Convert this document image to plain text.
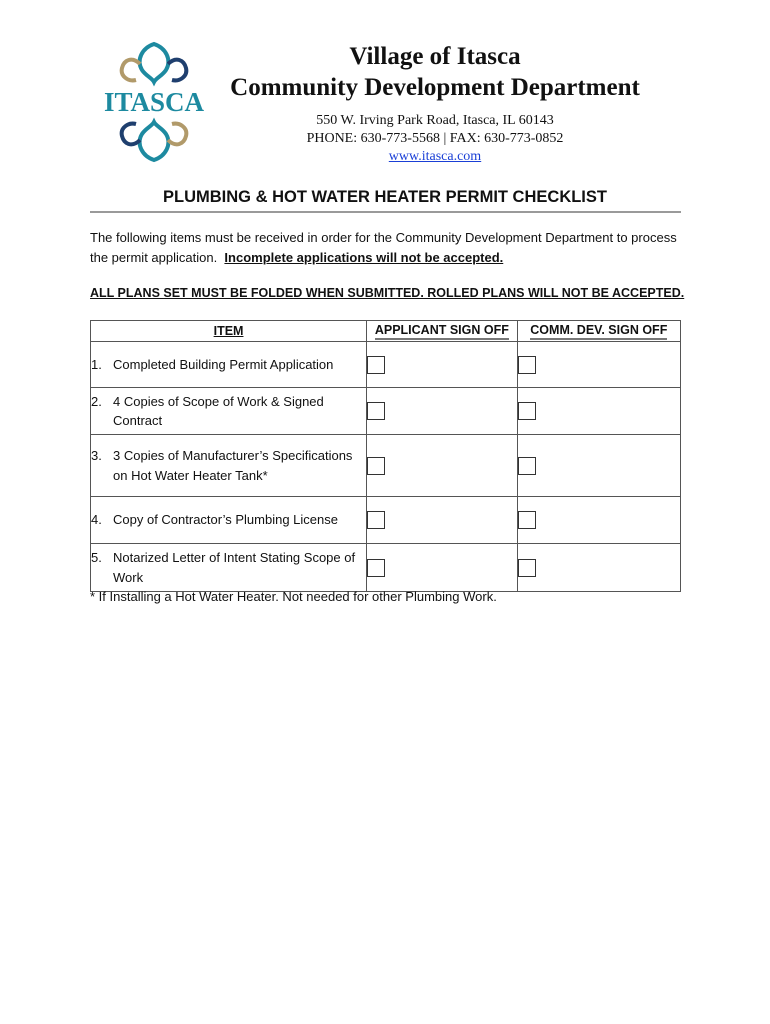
ITASCA
Village of Itasca
Community Development Department
550 W. Irving Park Road, Itasca, IL 60143
PHONE: 630-773-5568 | FAX: 630-773-0852
www.itasca.com
PLUMBING & HOT WATER HEATER PERMIT CHECKLIST
The following items must be received in order for the Community Development Department to process the permit application. Incomplete applications will not be accepted.
ALL PLANS SET MUST BE FOLDED WHEN SUBMITTED. ROLLED PLANS WILL NOT BE ACCEPTED.
ITEM	APPLICANT SIGN OFF	COMM. DEV. SIGN OFF

1. Completed Building Permit Application		

2. 4 Copies of Scope of Work & Signed Contract		

3. 3 Copies of Manufacturer’s Specifications on Hot Water Heater Tank*		

4. Copy of Contractor’s Plumbing License		

5. Notarized Letter of Intent Stating Scope of Work		

* If Installing a Hot Water Heater. Not needed for other Plumbing Work.
